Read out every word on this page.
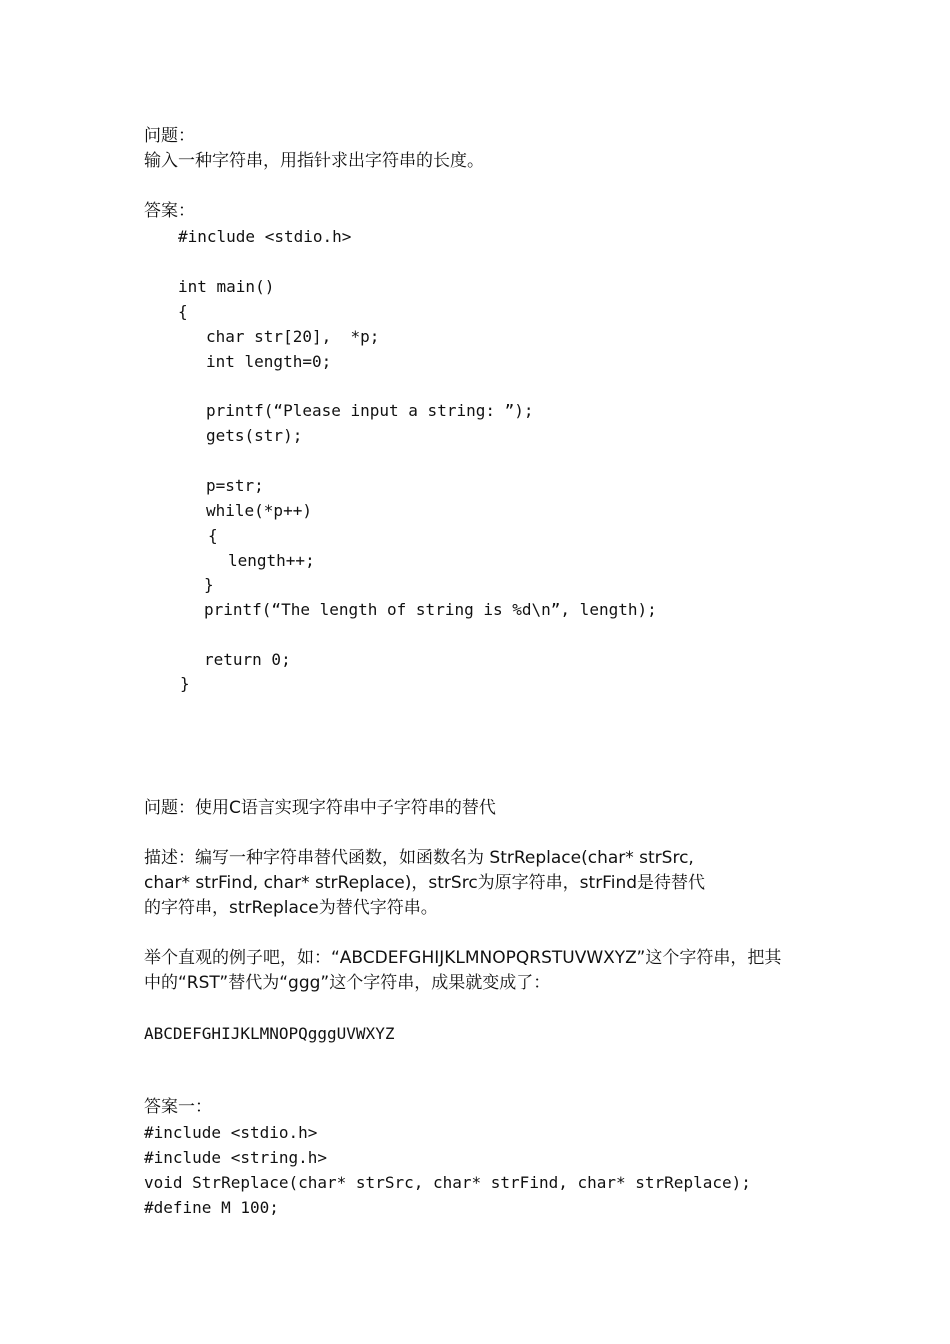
问题：
输入一种字符串，用指针求出字符串的长度。
答案：
#include <stdio.h>
int main()
{
char str[20],  *p;
int length=0;
printf(“Please input a string: ”);
gets(str);
p=str;
while(*p++)
{
length++;
}
printf(“The length of string is %d\n”, length);
return 0;
}
问题：使用C语言实现字符串中子字符串的替代
描述：编写一种字符串替代函数，如函数名为 StrReplace(char* strSrc,
char* strFind, char* strReplace)，strSrc为原字符串，strFind是待替代
的字符串，strReplace为替代字符串。
举个直观的例子吧，如：“ABCDEFGHIJKLMNOPQRSTUVWXYZ”这个字符串，把其
中的“RST”替代为“ggg”这个字符串，成果就变成了：
ABCDEFGHIJKLMNOPQgggUVWXYZ
答案一：
#include <stdio.h>
#include <string.h>
void StrReplace(char* strSrc, char* strFind, char* strReplace);
#define M 100;
